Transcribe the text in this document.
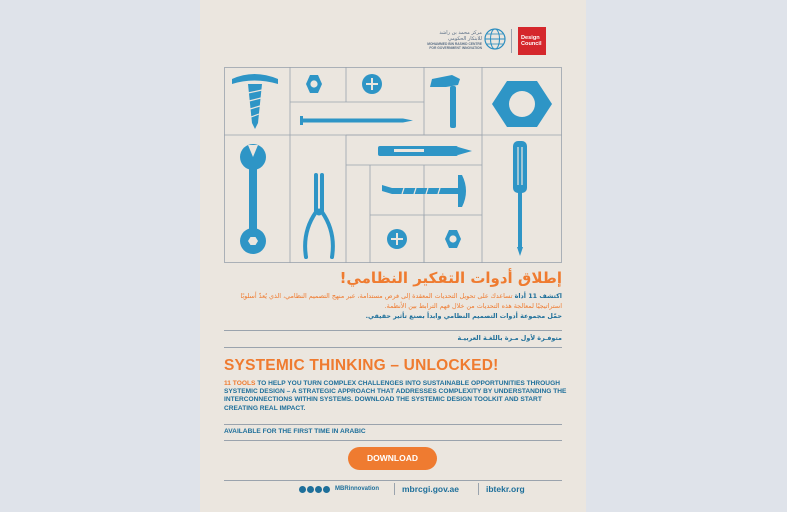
مركز محمد بن راشد
للابتكار الحكومي
MOHAMMED BIN RASHID CENTRE
FOR GOVERNMENT INNOVATION
Design
Council
إطلاق أدوات التفكير النظامي!
اكتشف 11 أداة تساعدك على تحويل التحديات المعقدة إلى فرص مستدامة، عبر منهج التصميم النظامي، الذي يُعدّ أسلوبًا استراتيجيًا لمعالجة هذه التحديات من خلال فهم الترابط بين الأنظمة.
حمّل مجموعة أدوات التصميم النظامي وابدأ بصنع تأثير حقيقي.
متوفـرة لأول مـرة باللغـة العربيـة
SYSTEMIC THINKING – UNLOCKED!
11 TOOLS TO HELP YOU TURN COMPLEX CHALLENGES INTO SUSTAINABLE OPPORTUNITIES THROUGH SYSTEMIC DESIGN – A STRATEGIC APPROACH THAT ADDRESSES COMPLEXITY BY UNDERSTANDING THE INTERCONNECTIONS WITHIN SYSTEMS. DOWNLOAD THE SYSTEMIC DESIGN TOOLKIT AND START CREATING REAL IMPACT.
AVAILABLE FOR THE FIRST TIME IN ARABIC
DOWNLOAD
MBRinnovation	mbrcgi.gov.ae	ibtekr.org
